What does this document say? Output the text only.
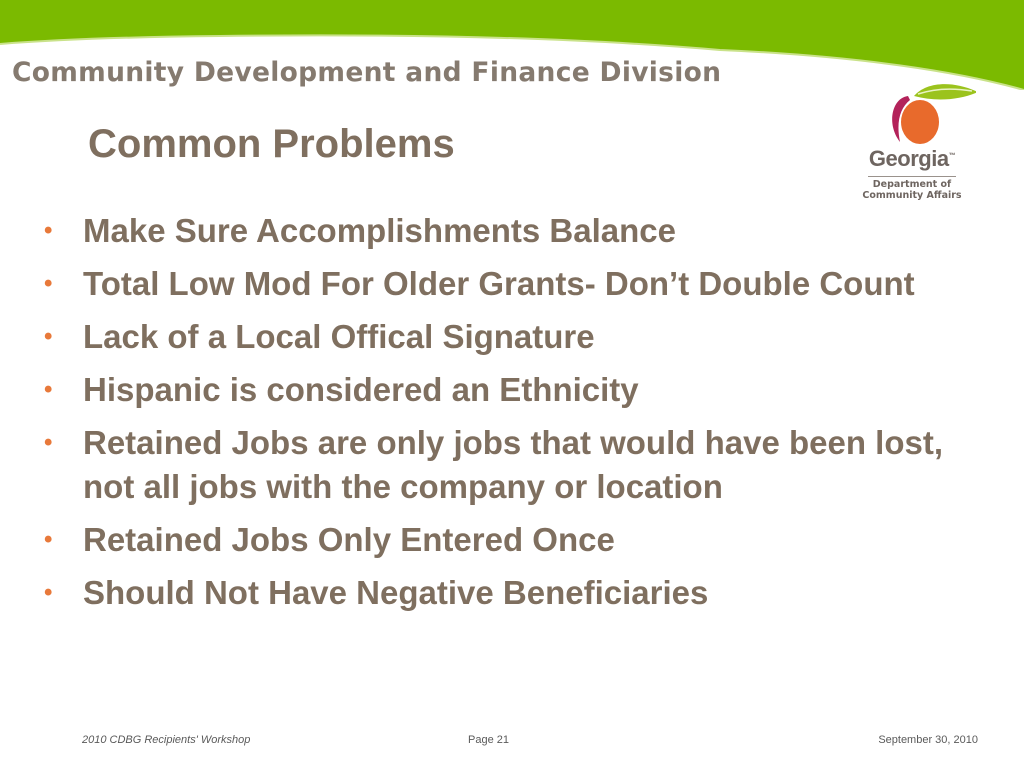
Community Development and Finance Division
Common Problems	Georgia™
Department of
Community Affairs
• Make Sure Accomplishments Balance
• Total Low Mod For Older Grants- Don’t Double Count
• Lack of a Local Offical Signature
• Hispanic is considered an Ethnicity
• Retained Jobs are only jobs that would have been lost, not all jobs with the company or location
• Retained Jobs Only Entered Once
• Should Not Have Negative Beneficiaries
2010 CDBG Recipients' Workshop	Page 21	September 30, 2010
